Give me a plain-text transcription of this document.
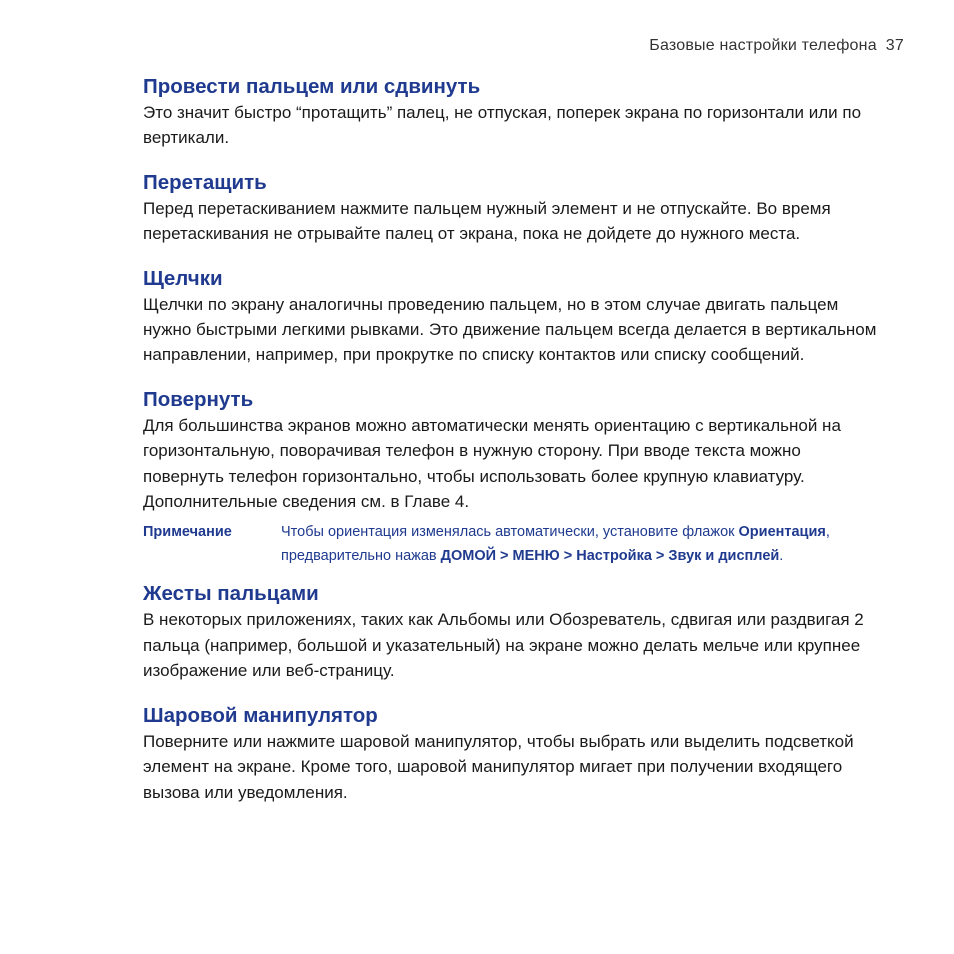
Базовые настройки телефона 37
Провести пальцем или сдвинуть

Это значит быстро “протащить” палец, не отпуская, поперек экрана по горизонтали или по вертикали.

Перетащить

Перед перетаскиванием нажмите пальцем нужный элемент и не отпускайте. Во время перетаскивания не отрывайте палец от экрана, пока не дойдете до нужного места.

Щелчки

Щелчки по экрану аналогичны проведению пальцем, но в этом случае двигать пальцем нужно быстрыми легкими рывками. Это движение пальцем всегда делается в вертикальном направлении, например, при прокрутке по списку контактов или списку сообщений.

Повернуть

Для большинства экранов можно автоматически менять ориентацию с вертикальной на горизонтальную, поворачивая телефон в нужную сторону. При вводе текста можно повернуть телефон горизонтально, чтобы использовать более крупную клавиатуру. Дополнительные сведения см. в Главе 4.

Примечание	Чтобы ориентация изменялась автоматически, установите флажок Ориентация, предварительно нажав ДОМОЙ > МЕНЮ > Настройка > Звук и дисплей.
Жесты пальцами

В некоторых приложениях, таких как Альбомы или Обозреватель, сдвигая или раздвигая 2 пальца (например, большой и указательный) на экране можно делать мельче или крупнее изображение или веб-страницу.

Шаровой манипулятор

Поверните или нажмите шаровой манипулятор, чтобы выбрать или выделить подсветкой элемент на экране. Кроме того, шаровой манипулятор мигает при получении входящего вызова или уведомления.
